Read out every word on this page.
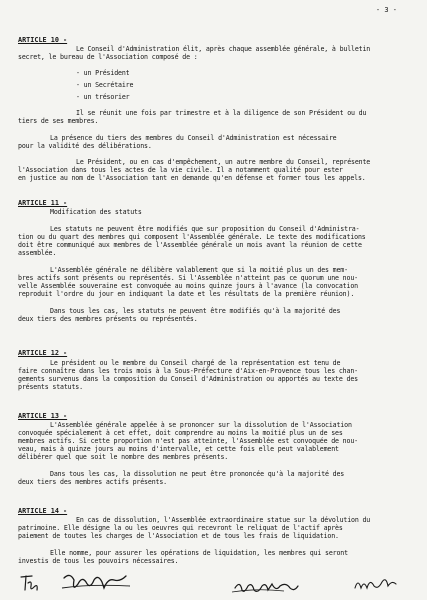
- 3 -
ARTICLE 10 -
Le Conseil d'Administration élit, après chaque assemblée générale, à bulletin
secret, le bureau de l'Association composé de :
- un Président
- un Secrétaire
- un trésorier
Il se réunit une fois par trimestre et à la diligence de son Président ou du
tiers de ses membres.
La présence du tiers des membres du Conseil d'Administration est nécessaire
pour la validité des délibérations.
Le Président, ou en cas d'empêchement, un autre membre du Conseil, représente
l'Association dans tous les actes de la vie civile. Il a notamment qualité pour ester
en justice au nom de l'Association tant en demande qu'en défense et former tous les appels.
ARTICLE 11 -
Modification des statuts
Les statuts ne peuvent être modifiés que sur proposition du Conseil d'Administra-
tion ou du quart des membres qui composent l'Assemblée générale. Le texte des modifications
doit être communiqué aux membres de l'Assemblée générale un mois avant la réunion de cette
assemblée.
L'Assemblée générale ne délibère valablement que si la moitié plus un des mem-
bres actifs sont présents ou représentés. Si l'Assemblée n'atteint pas ce quorum une nou-
velle Assemblée souveraine est convoquée au moins quinze jours à l'avance (la convocation
reproduit l'ordre du jour en indiquant la date et les résultats de la première réunion).
Dans tous les cas, les statuts ne peuvent être modifiés qu'à la majorité des
deux tiers des membres présents ou représentés.
ARTICLE 12 -
Le président ou le membre du Conseil chargé de la représentation est tenu de
faire connaître dans les trois mois à la Sous-Préfecture d'Aix-en-Provence tous les chan-
gements survenus dans la composition du Conseil d'Administration ou apportés au texte des
présents statuts.
ARTICLE 13 -
L'Assemblée générale appelée à se prononcer sur la dissolution de l'Association
convoquée spécialement à cet effet, doit comprendre au moins la moitié plus un de ses
membres actifs. Si cette proportion n'est pas atteinte, l'Assemblée est convoquée de nou-
veau, mais à quinze jours au moins d'intervalle, et cette fois elle peut valablement
délibérer quel que soit le nombre des membres présents.
Dans tous les cas, la dissolution ne peut être prononcée qu'à la majorité des
deux tiers des membres actifs présents.
ARTICLE 14 -
En cas de dissolution, l'Assemblée extraordinaire statue sur la dévolution du
patrimoine. Elle désigne la ou les oeuvres qui recevront le reliquat de l'actif après
paiement de toutes les charges de l'Association et de tous les frais de liquidation.
Elle nomme, pour assurer les opérations de liquidation, les membres qui seront
investis de tous les pouvoirs nécessaires.
